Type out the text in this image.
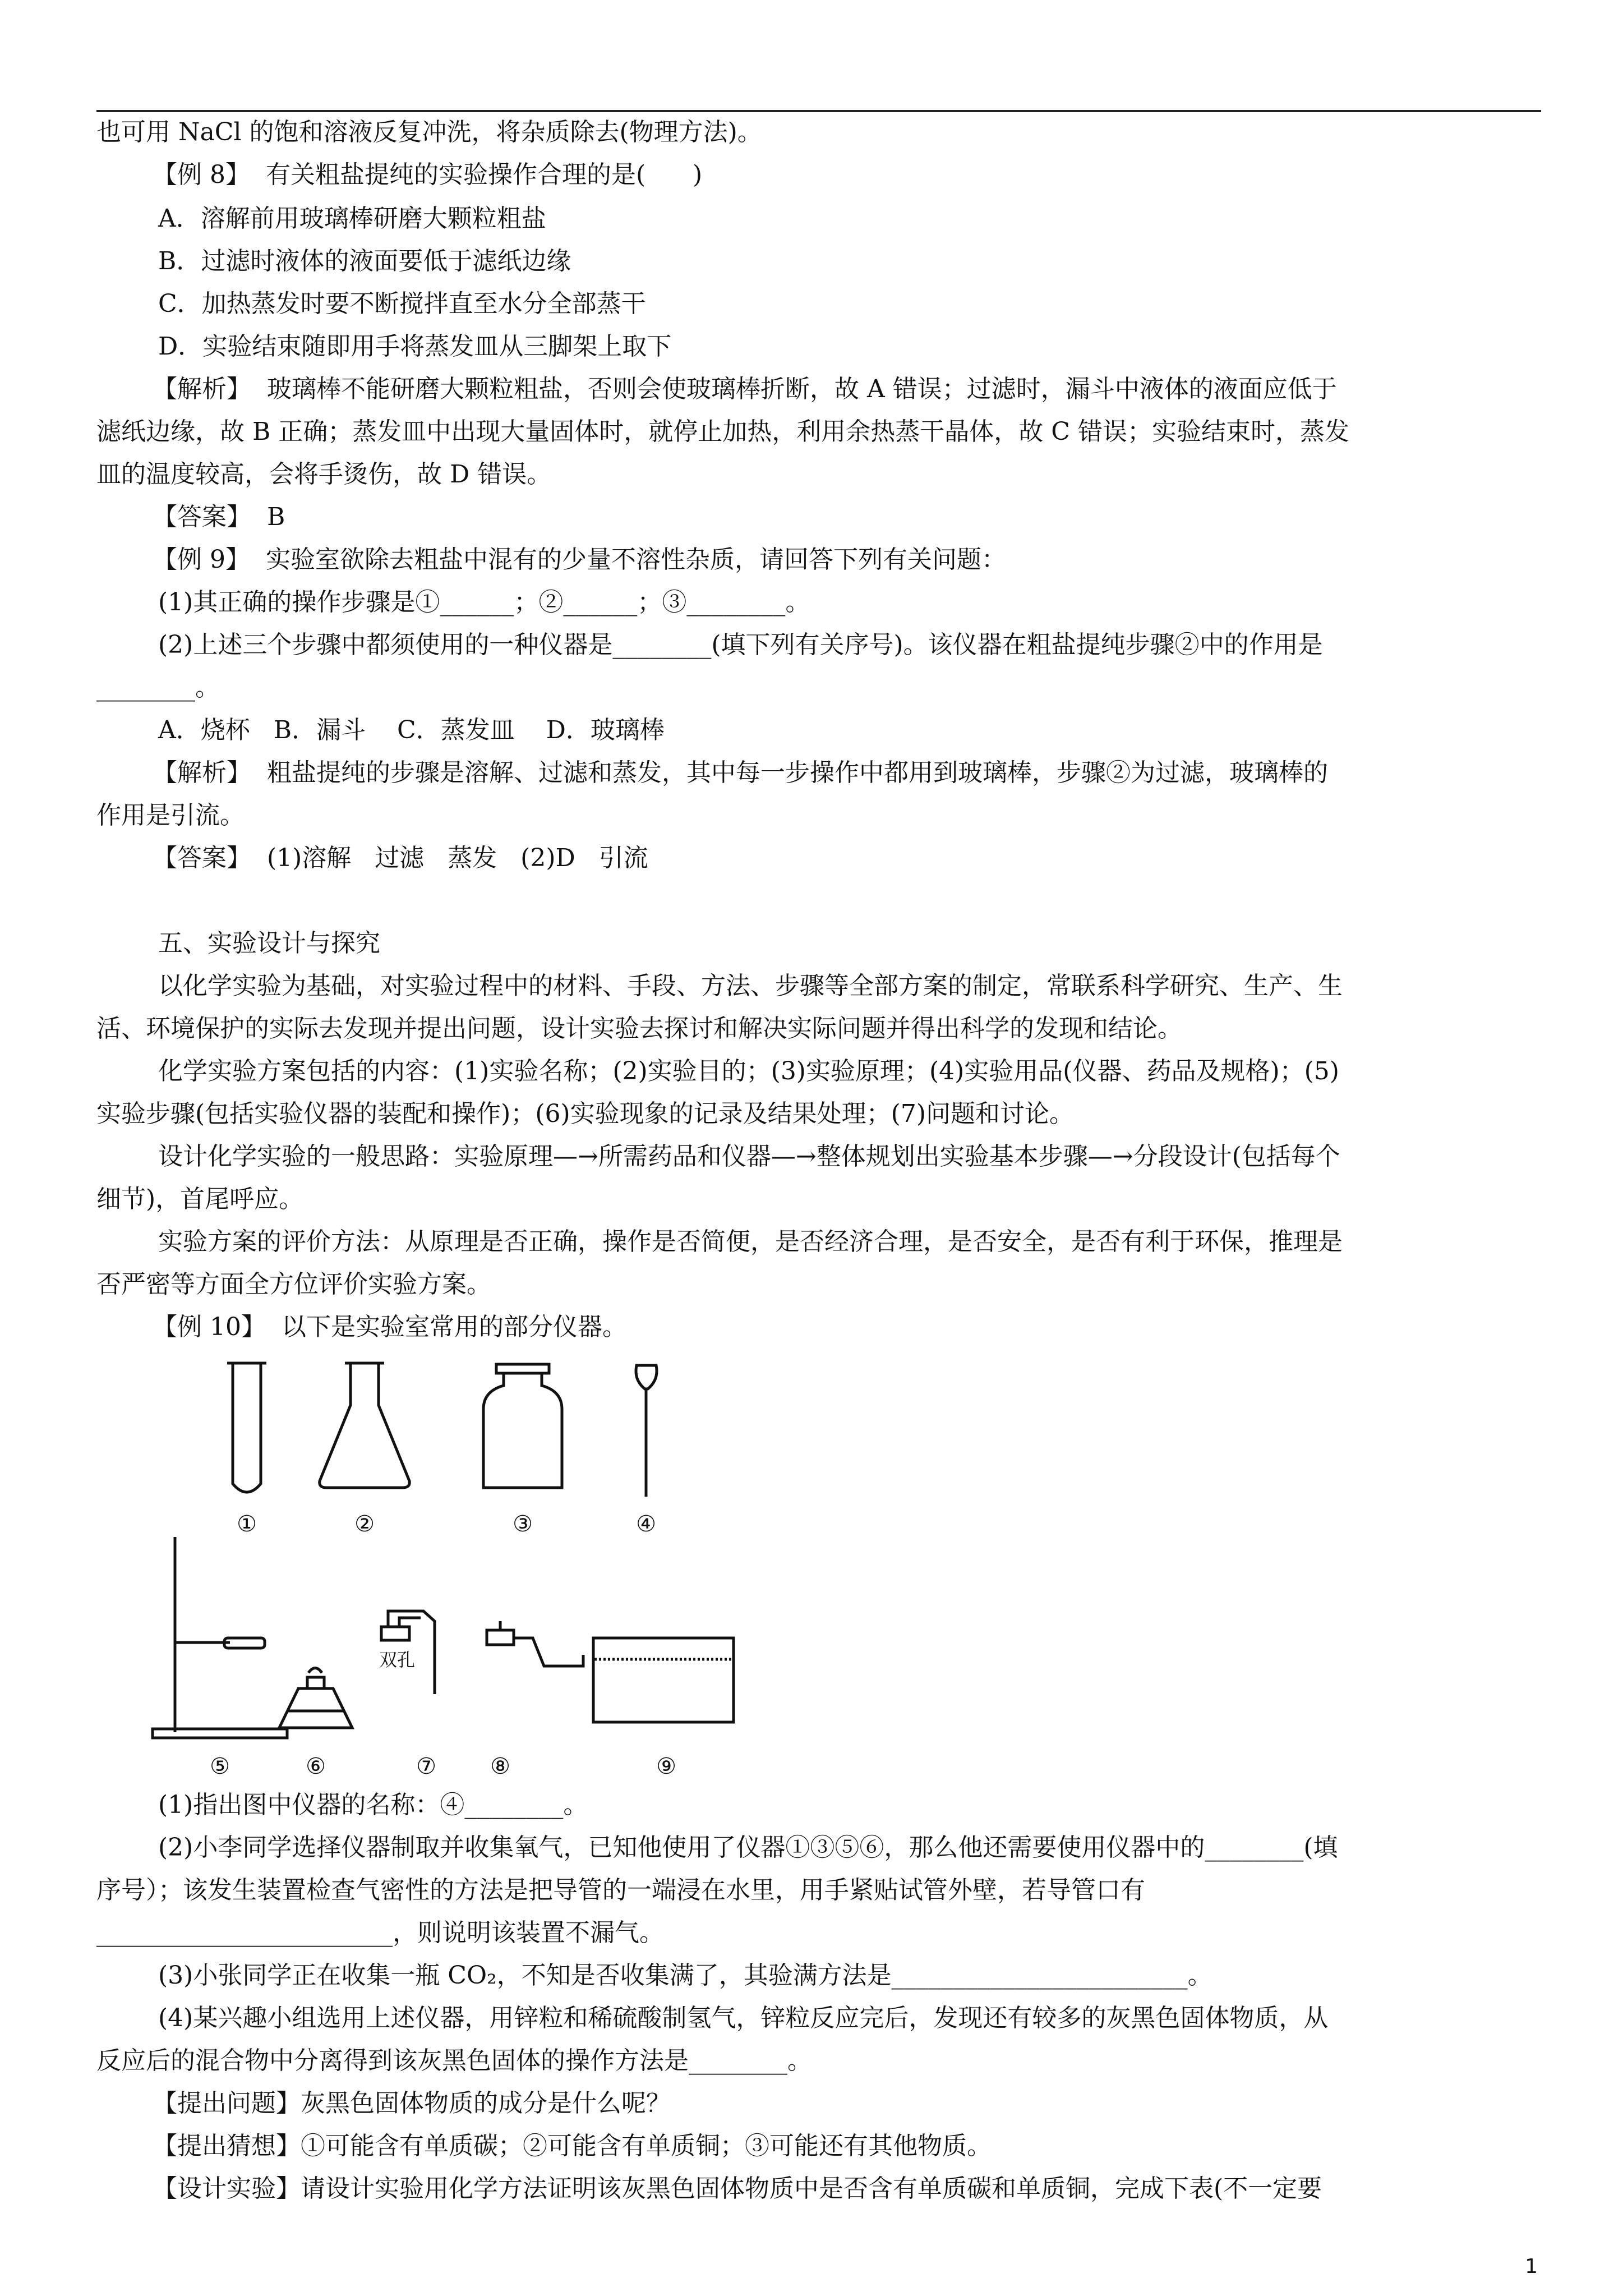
也可用 NaCl 的饱和溶液反复冲洗，将杂质除去(物理方法)。
【例 8】  有关粗盐提纯的实验操作合理的是(      )
A．溶解前用玻璃棒研磨大颗粒粗盐
B．过滤时液体的液面要低于滤纸边缘
C．加热蒸发时要不断搅拌直至水分全部蒸干
D．实验结束随即用手将蒸发皿从三脚架上取下
【解析】  玻璃棒不能研磨大颗粒粗盐，否则会使玻璃棒折断，故 A 错误；过滤时，漏斗中液体的液面应低于
滤纸边缘，故 B 正确；蒸发皿中出现大量固体时，就停止加热，利用余热蒸干晶体，故 C 错误；实验结束时，蒸发
皿的温度较高，会将手烫伤，故 D 错误。
【答案】  B
【例 9】  实验室欲除去粗盐中混有的少量不溶性杂质，请回答下列有关问题：
(1)其正确的操作步骤是①______；②______；③________。
(2)上述三个步骤中都须使用的一种仪器是________(填下列有关序号)。该仪器在粗盐提纯步骤②中的作用是
________。
A．烧杯   B．漏斗    C．蒸发皿    D．玻璃棒
【解析】  粗盐提纯的步骤是溶解、过滤和蒸发，其中每一步操作中都用到玻璃棒，步骤②为过滤，玻璃棒的
作用是引流。
【答案】  (1)溶解   过滤   蒸发   (2)D   引流
五、实验设计与探究
以化学实验为基础，对实验过程中的材料、手段、方法、步骤等全部方案的制定，常联系科学研究、生产、生
活、环境保护的实际去发现并提出问题，设计实验去探讨和解决实际问题并得出科学的发现和结论。
化学实验方案包括的内容：(1)实验名称；(2)实验目的；(3)实验原理；(4)实验用品(仪器、药品及规格)；(5)
实验步骤(包括实验仪器的装配和操作)；(6)实验现象的记录及结果处理；(7)问题和讨论。
设计化学实验的一般思路：实验原理—→所需药品和仪器—→整体规划出实验基本步骤—→分段设计(包括每个
细节)，首尾呼应。
实验方案的评价方法：从原理是否正确，操作是否简便，是否经济合理，是否安全，是否有利于环保，推理是
否严密等方面全方位评价实验方案。
【例 10】  以下是实验室常用的部分仪器。
①	②	③	④
⑤	⑥	⑦ ⑧	⑨
双孔
(1)指出图中仪器的名称：④________。
(2)小李同学选择仪器制取并收集氧气，已知他使用了仪器①③⑤⑥，那么他还需要使用仪器中的________(填
序号）；该发生装置检查气密性的方法是把导管的一端浸在水里，用手紧贴试管外壁，若导管口有
________________________，则说明该装置不漏气。
(3)小张同学正在收集一瓶 CO₂，不知是否收集满了，其验满方法是________________________。
(4)某兴趣小组选用上述仪器，用锌粒和稀硫酸制氢气，锌粒反应完后，发现还有较多的灰黑色固体物质，从
反应后的混合物中分离得到该灰黑色固体的操作方法是________。
【提出问题】灰黑色固体物质的成分是什么呢？
【提出猜想】①可能含有单质碳；②可能含有单质铜；③可能还有其他物质。
【设计实验】请设计实验用化学方法证明该灰黑色固体物质中是否含有单质碳和单质铜，完成下表(不一定要
1
